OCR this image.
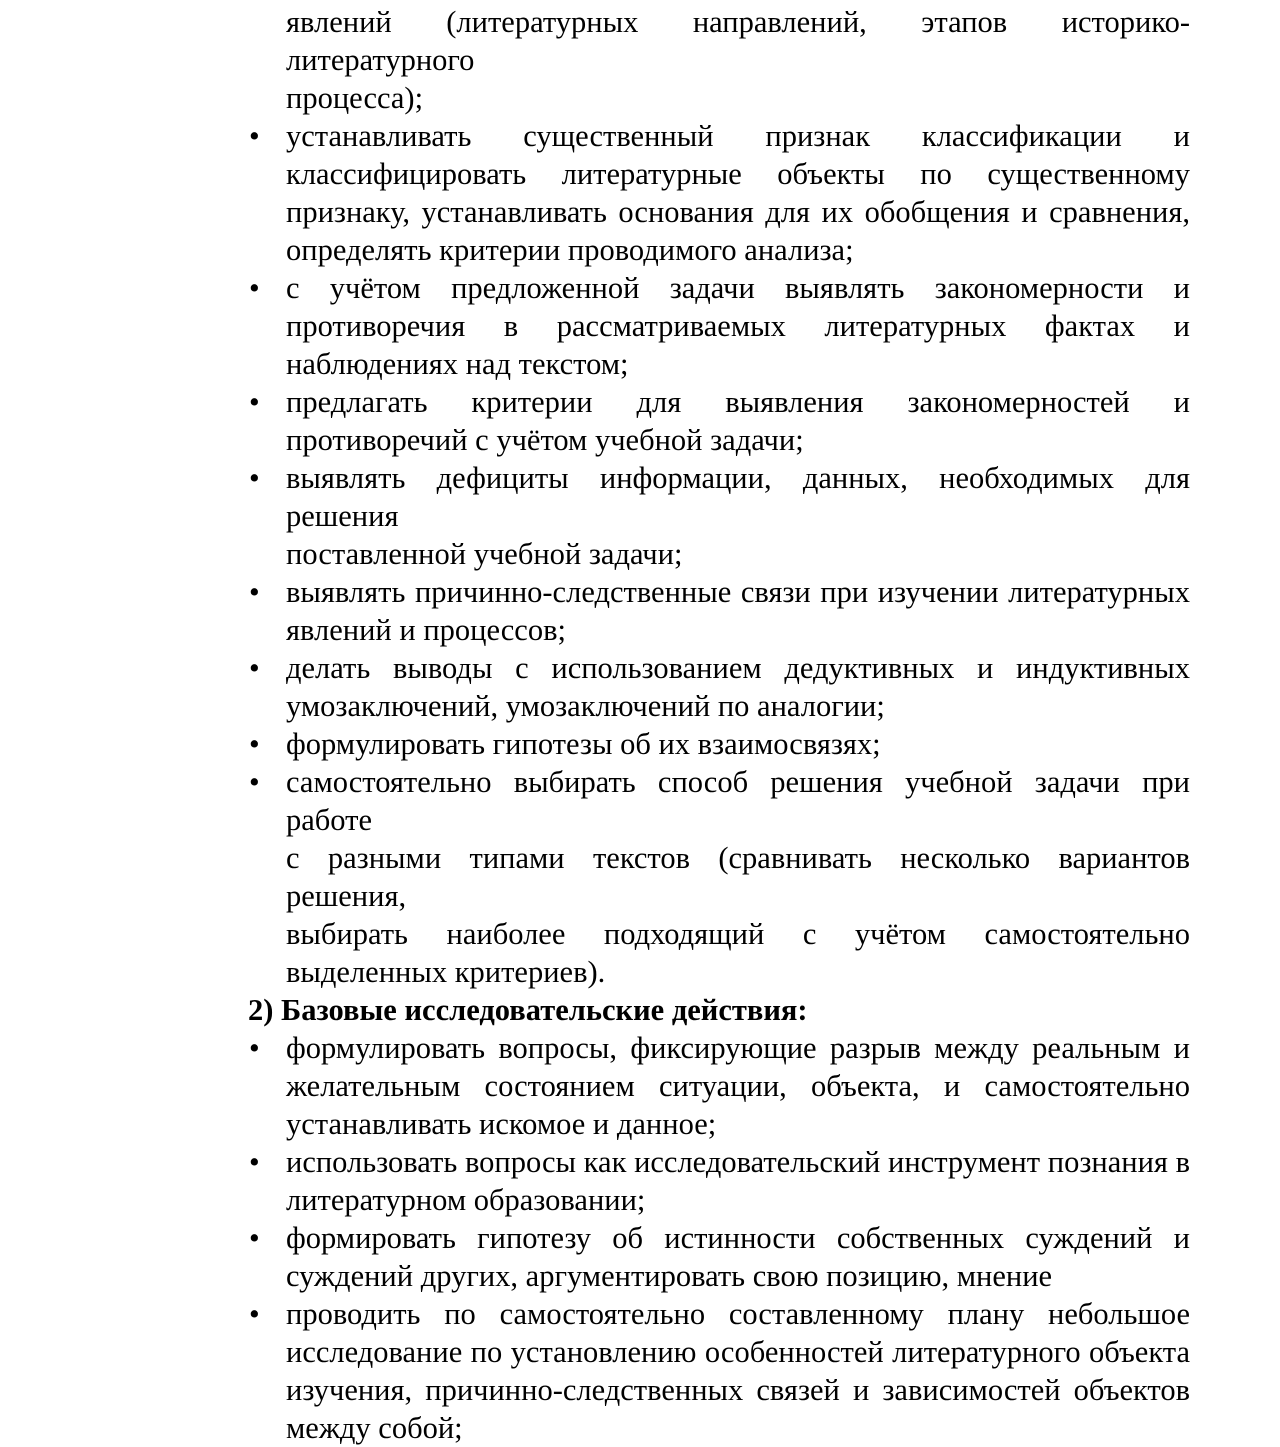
явлений (литературных направлений, этапов историко-литературного
процесса);

• устанавливать существенный признак классификации и
классифицировать литературные объекты по существенному
признаку, устанавливать основания для их обобщения и сравнения,
определять критерии проводимого анализа;
• с учётом предложенной задачи выявлять закономерности и
противоречия в рассматриваемых литературных фактах и
наблюдениях над текстом;
• предлагать критерии для выявления закономерностей и
противоречий с учётом учебной задачи;
• выявлять дефициты информации, данных, необходимых для решения
поставленной учебной задачи;
• выявлять причинно-следственные связи при изучении литературных
явлений и процессов;
• делать выводы с использованием дедуктивных и индуктивных
умозаключений, умозаключений по аналогии;
• формулировать гипотезы об их взаимосвязях;
• самостоятельно выбирать способ решения учебной задачи при работе
с разными типами текстов (сравнивать несколько вариантов решения,
выбирать наиболее подходящий с учётом самостоятельно
выделенных критериев).

2) Базовые исследовательские действия:

• формулировать вопросы, фиксирующие разрыв между реальным и
желательным состоянием ситуации, объекта, и самостоятельно
устанавливать искомое и данное;
• использовать вопросы как исследовательский инструмент познания в
литературном образовании;
• формировать гипотезу об истинности собственных суждений и
суждений других, аргументировать свою позицию, мнение
• проводить по самостоятельно составленному плану небольшое
исследование по установлению особенностей литературного объекта
изучения, причинно-следственных связей и зависимостей объектов
между собой;
